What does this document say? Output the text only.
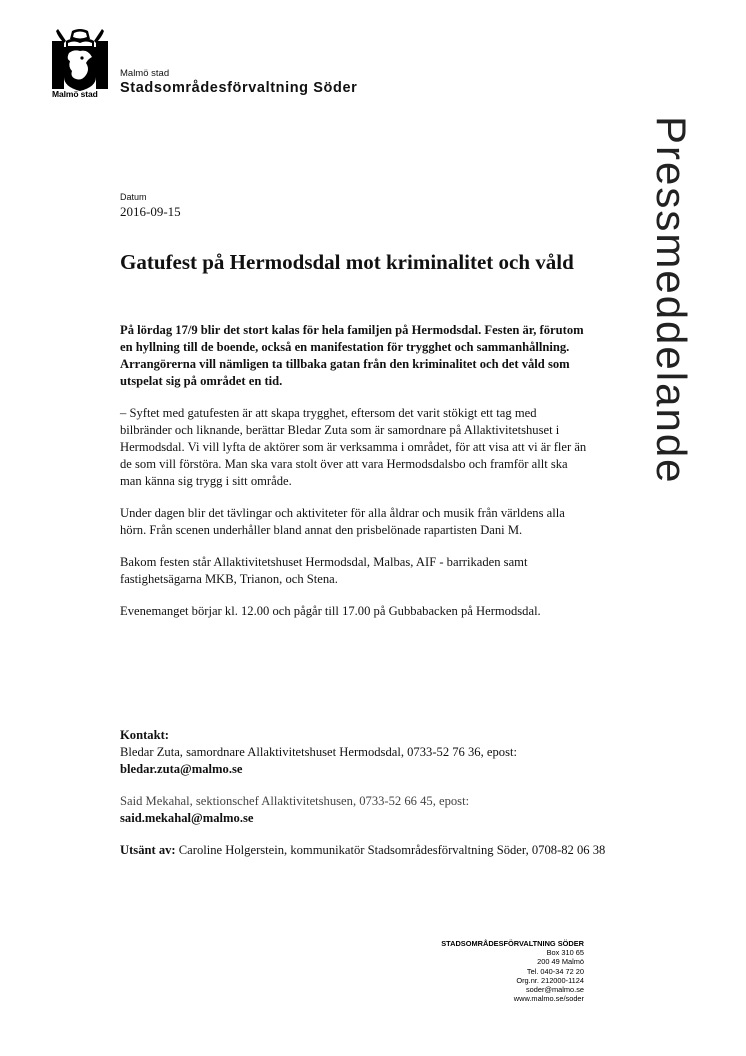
Malmö stad
Malmö stad
Stadsområdesförvaltning Söder
Pressmeddelande
Datum
2016-09-15
Gatufest på Hermodsdal mot kriminalitet och våld

På lördag 17/9 blir det stort kalas för hela familjen på Hermodsdal. Festen är, förutom en hyllning till de boende, också en manifestation för trygghet och sammanhållning. Arrangörerna vill nämligen ta tillbaka gatan från den kriminalitet och det våld som utspelat sig på området en tid.

– Syftet med gatufesten är att skapa trygghet, eftersom det varit stökigt ett tag med bilbränder och liknande, berättar Bledar Zuta som är samordnare på Allaktivitetshuset i Hermodsdal. Vi vill lyfta de aktörer som är verksamma i området, för att visa att vi är fler än de som vill förstöra. Man ska vara stolt över att vara Hermodsdalsbo och framför allt ska man känna sig trygg i sitt område.

Under dagen blir det tävlingar och aktiviteter för alla åldrar och musik från världens alla hörn. Från scenen underhåller bland annat den prisbelönade rapartisten Dani M.

Bakom festen står Allaktivitetshuset Hermodsdal, Malbas, AIF - barrikaden samt fastighetsägarna MKB, Trianon, och Stena.

Evenemanget börjar kl. 12.00 och pågår till 17.00 på Gubbabacken på Hermodsdal.

Kontakt:
Bledar Zuta, samordnare Allaktivitetshuset Hermodsdal, 0733-52 76 36, epost:
bledar.zuta@malmo.se

Said Mekahal, sektionschef Allaktivitetshusen, 0733-52 66 45, epost:
said.mekahal@malmo.se

Utsänt av: Caroline Holgerstein, kommunikatör Stadsområdesförvaltning Söder, 0708-82 06 38

STADSOMRÅDESFÖRVALTNING SÖDER
Box 310 65
200 49 Malmö
Tel. 040-34 72 20
Org.nr. 212000-1124
soder@malmo.se
www.malmo.se/soder
